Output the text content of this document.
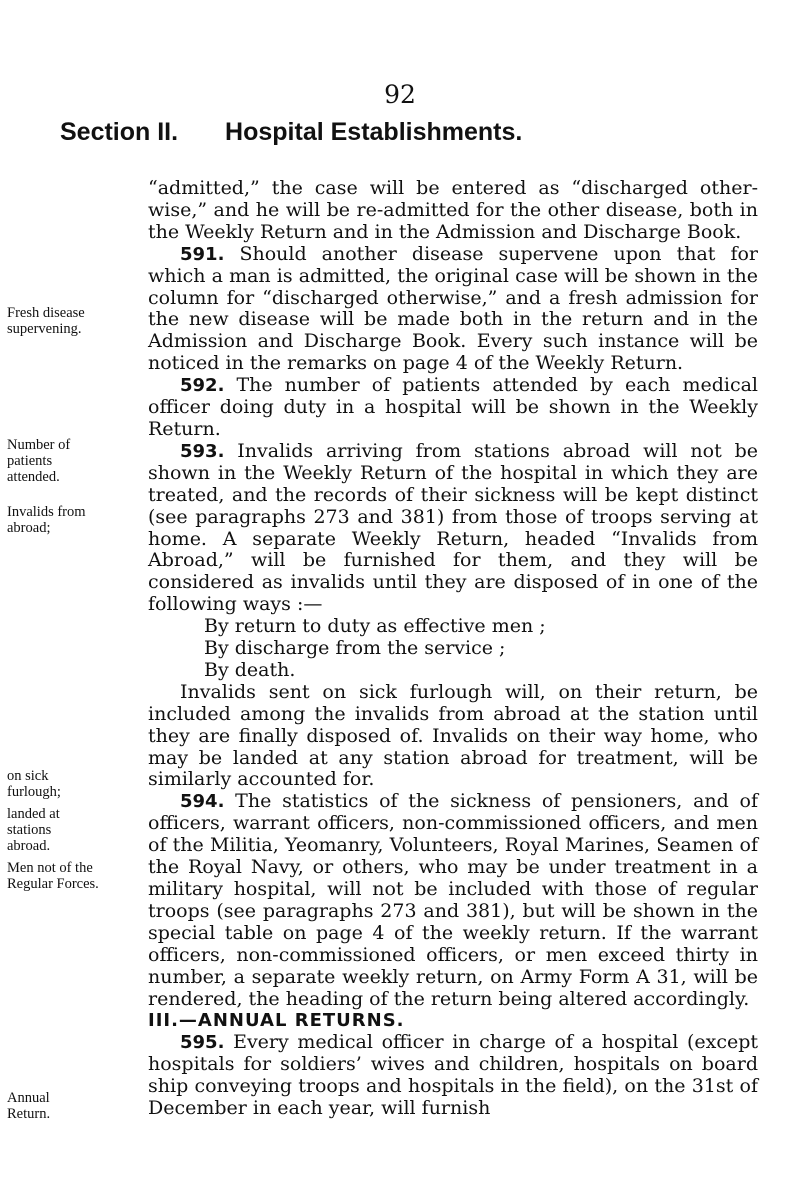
92
Section II. Hospital Establishments.
Fresh disease supervening.
Number of patients attended.
Invalids from abroad;
on sick furlough;
landed at stations abroad.
Men not of the Regular Forces.
Annual Return.

“admitted,” the case will be entered as “discharged other-wise,” and he will be re-admitted for the other disease, both in the Weekly Return and in the Admission and Discharge Book.

591. Should another disease supervene upon that for which a man is admitted, the original case will be shown in the column for “discharged otherwise,” and a fresh admission for the new disease will be made both in the return and in the Admission and Discharge Book. Every such instance will be noticed in the remarks on page 4 of the Weekly Return.

592. The number of patients attended by each medical officer doing duty in a hospital will be shown in the Weekly Return.

593. Invalids arriving from stations abroad will not be shown in the Weekly Return of the hospital in which they are treated, and the records of their sickness will be kept distinct (see paragraphs 273 and 381) from those of troops serving at home. A separate Weekly Return, headed “Invalids from Abroad,” will be furnished for them, and they will be considered as invalids until they are disposed of in one of the following ways :—

By return to duty as effective men ;
By discharge from the service ;
By death.

Invalids sent on sick furlough will, on their return, be included among the invalids from abroad at the station until they are finally disposed of. Invalids on their way home, who may be landed at any station abroad for treatment, will be similarly accounted for.

594. The statistics of the sickness of pensioners, and of officers, warrant officers, non-commissioned officers, and men of the Militia, Yeomanry, Volunteers, Royal Marines, Seamen of the Royal Navy, or others, who may be under treatment in a military hospital, will not be included with those of regular troops (see paragraphs 273 and 381), but will be shown in the special table on page 4 of the weekly return. If the warrant officers, non-commissioned officers, or men exceed thirty in number, a separate weekly return, on Army Form A 31, will be rendered, the heading of the return being altered accordingly.

III.—ANNUAL RETURNS.

595. Every medical officer in charge of a hospital (except hospitals for soldiers’ wives and children, hospitals on board ship conveying troops and hospitals in the field), on the 31st of December in each year, will furnish
